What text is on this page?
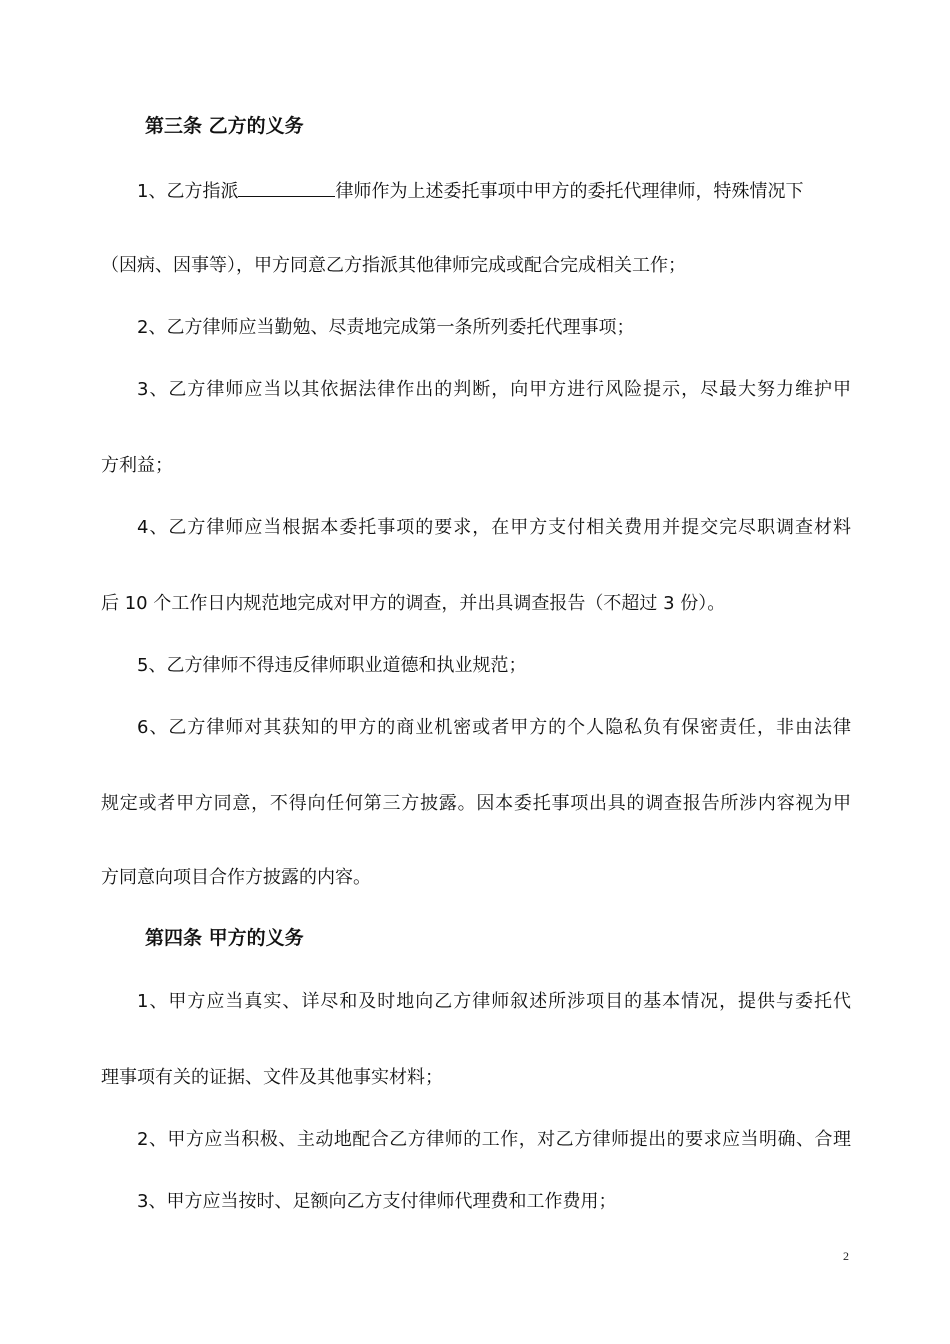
第三条 乙方的义务
1、乙方指派	律师作为上述委托事项中甲方的委托代理律师，特殊情况下
（因病、因事等），甲方同意乙方指派其他律师完成或配合完成相关工作；
2、乙方律师应当勤勉、尽责地完成第一条所列委托代理事项；
3、乙方律师应当以其依据法律作出的判断，向甲方进行风险提示，尽最大努力维护甲
方利益；
4、乙方律师应当根据本委托事项的要求，在甲方支付相关费用并提交完尽职调查材料
后 10 个工作日内规范地完成对甲方的调查，并出具调查报告（不超过 3 份）。
5、乙方律师不得违反律师职业道德和执业规范；
6、乙方律师对其获知的甲方的商业机密或者甲方的个人隐私负有保密责任，非由法律
规定或者甲方同意，不得向任何第三方披露。因本委托事项出具的调查报告所涉内容视为甲
方同意向项目合作方披露的内容。
第四条 甲方的义务
1、甲方应当真实、详尽和及时地向乙方律师叙述所涉项目的基本情况，提供与委托代
理事项有关的证据、文件及其他事实材料；
2、甲方应当积极、主动地配合乙方律师的工作，对乙方律师提出的要求应当明确、合理
3、甲方应当按时、足额向乙方支付律师代理费和工作费用；
2
